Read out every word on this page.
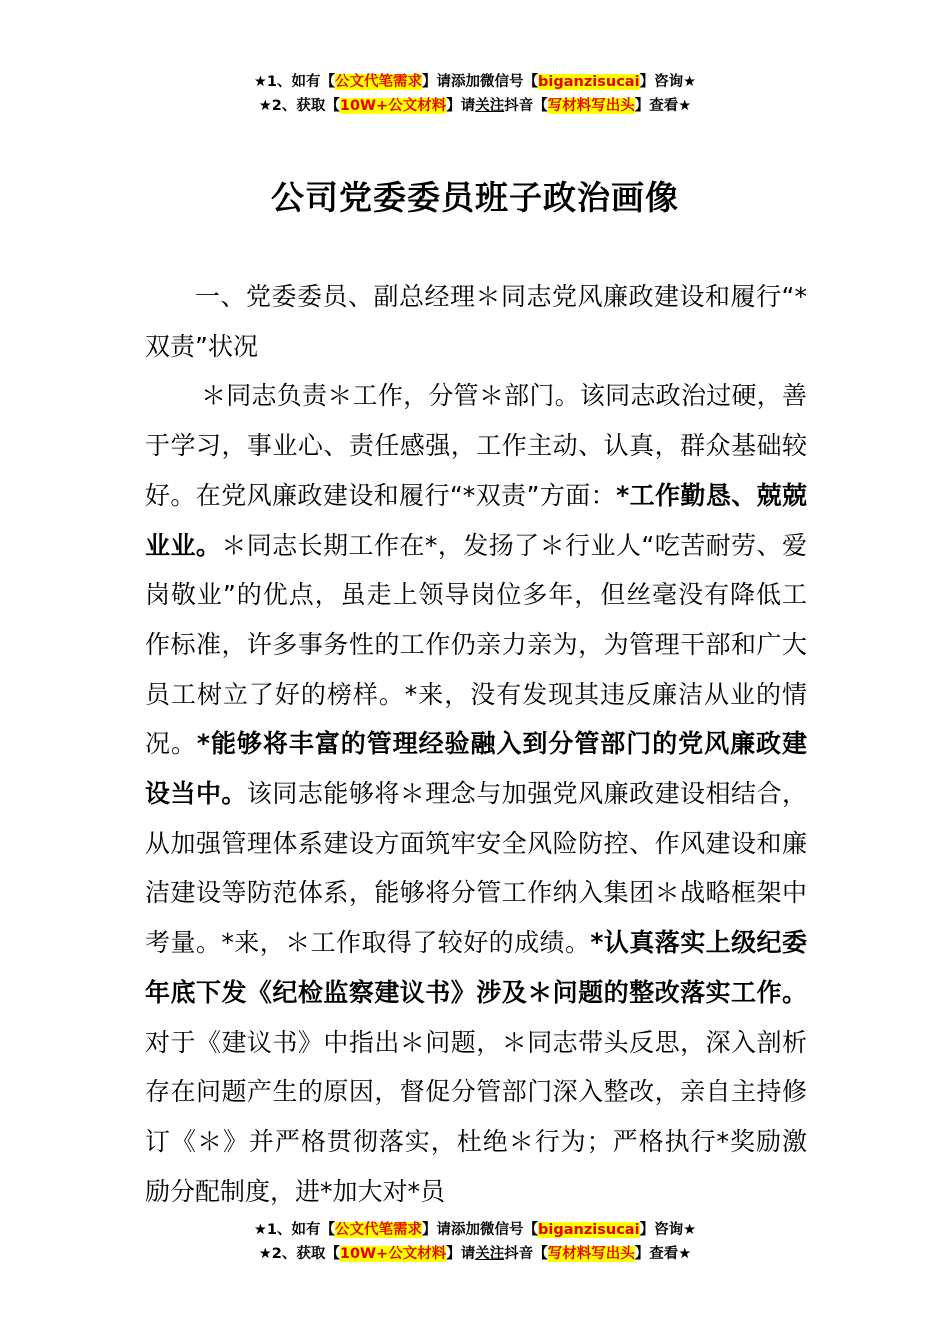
★1、如有【公文代笔需求】请添加微信号【biganzisucai】咨询★
★2、获取【10W+公文材料】请关注抖音【写材料写出头】查看★
公司党委委员班子政治画像

一、党委委员、副总经理＊同志党风廉政建设和履行“*双责”状况

＊同志负责＊工作，分管＊部门。该同志政治过硬，善于学习，事业心、责任感强，工作主动、认真，群众基础较好。在党风廉政建设和履行“*双责”方面：*工作勤恳、兢兢业业。＊同志长期工作在*，发扬了＊行业人“吃苦耐劳、爱岗敬业”的优点，虽走上领导岗位多年，但丝毫没有降低工作标准，许多事务性的工作仍亲力亲为，为管理干部和广大员工树立了好的榜样。*来，没有发现其违反廉洁从业的情况。*能够将丰富的管理经验融入到分管部门的党风廉政建设当中。该同志能够将＊理念与加强党风廉政建设相结合，从加强管理体系建设方面筑牢安全风险防控、作风建设和廉洁建设等防范体系，能够将分管工作纳入集团＊战略框架中考量。*来，＊工作取得了较好的成绩。*认真落实上级纪委年底下发《纪检监察建议书》涉及＊问题的整改落实工作。对于《建议书》中指出＊问题，＊同志带头反思，深入剖析存在问题产生的原因，督促分管部门深入整改，亲自主持修订《＊》并严格贯彻落实，杜绝＊行为；严格执行*奖励激励分配制度，进*加大对*员

★1、如有【公文代笔需求】请添加微信号【biganzisucai】咨询★
★2、获取【10W+公文材料】请关注抖音【写材料写出头】查看★
